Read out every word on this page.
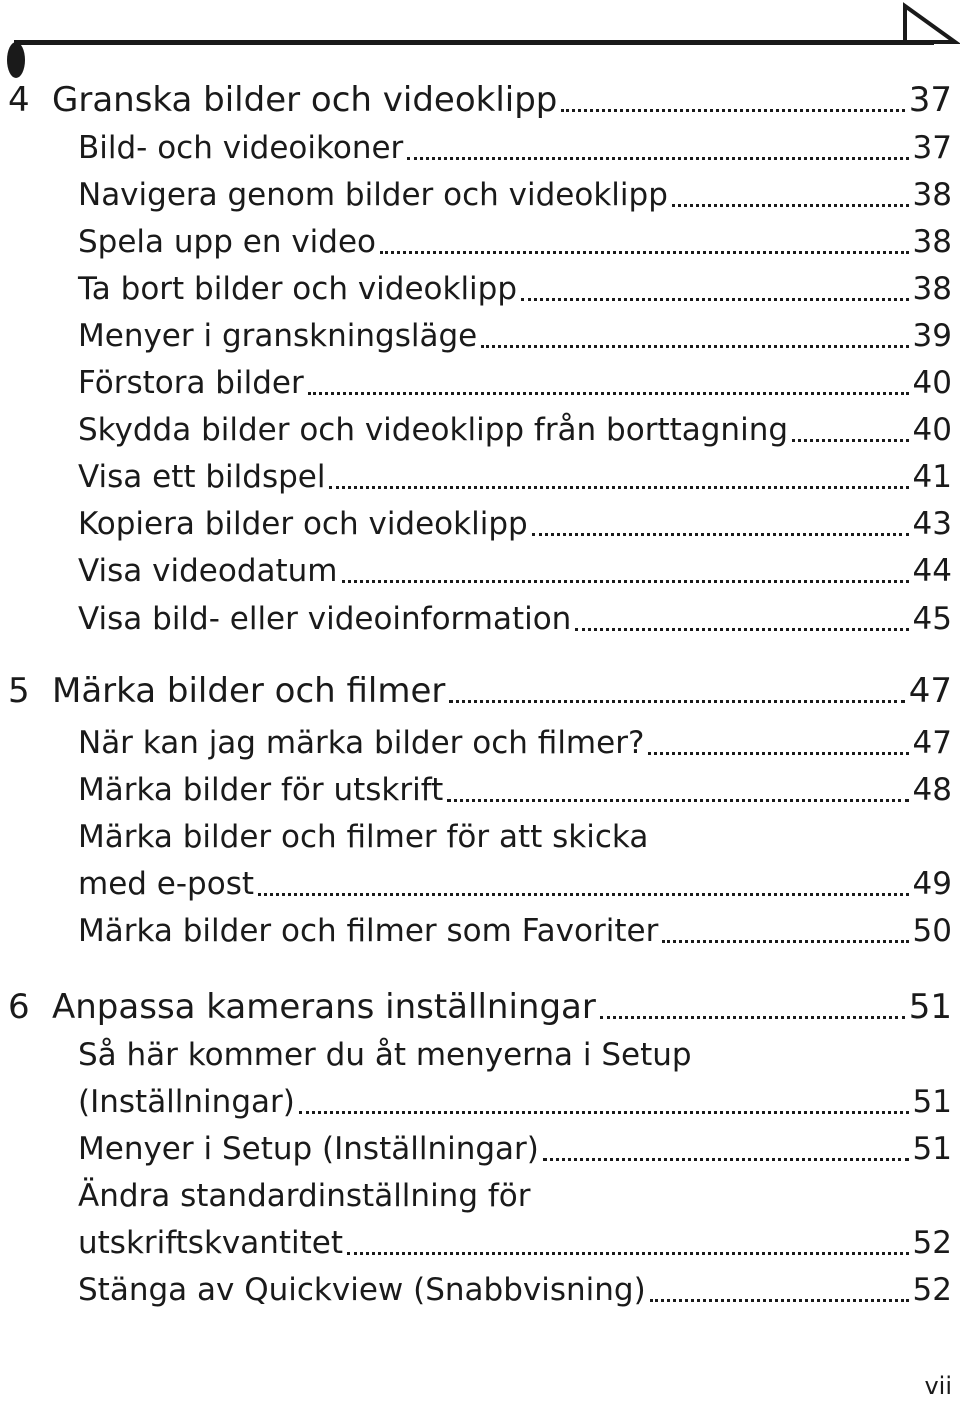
4 Granska bilder och videoklipp	37
Bild- och videoikoner	37
Navigera genom bilder och videoklipp	38
Spela upp en video	38
Ta bort bilder och videoklipp	38
Menyer i granskningsläge	39
Förstora bilder	40
Skydda bilder och videoklipp från borttagning	40
Visa ett bildspel	41
Kopiera bilder och videoklipp	43
Visa videodatum	44
Visa bild- eller videoinformation	45
5 Märka bilder och filmer	47
När kan jag märka bilder och filmer?	47
Märka bilder för utskrift	48
Märka bilder och filmer för att skicka
med e-post	49
Märka bilder och filmer som Favoriter	50
6 Anpassa kamerans inställningar	51
Så här kommer du åt menyerna i Setup
(Inställningar)	51
Menyer i Setup (Inställningar)	51
Ändra standardinställning för
utskriftskvantitet	52
Stänga av Quickview (Snabbvisning)	52
vii
